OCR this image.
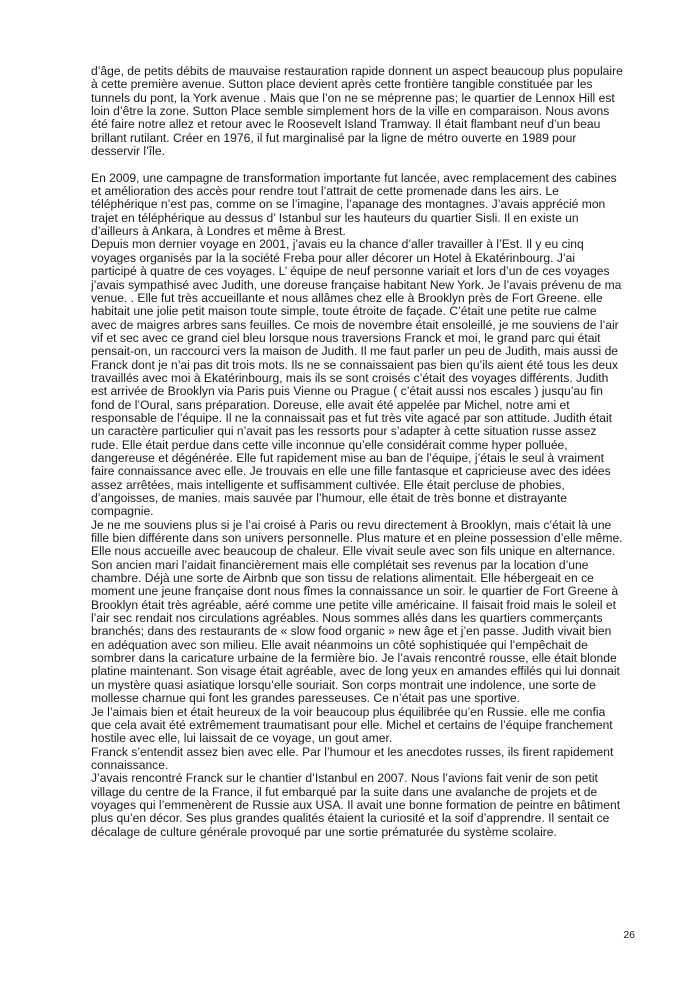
d’âge, de petits débits de mauvaise restauration rapide donnent un aspect beaucoup plus populaire à cette première avenue. Sutton place devient après cette frontière tangible constituée par les tunnels du pont, la York avenue . Mais que l’on ne se méprenne pas; le quartier de Lennox Hill est loin d’être la zone. Sutton Place semble simplement hors de la ville en comparaison. Nous avons été faire notre allez et retour avec le Roosevelt Island Tramway. Il était flambant neuf d’un beau brillant rutilant. Créer en 1976, il fut marginalisé par la ligne de métro ouverte en 1989 pour desservir l’île.

En 2009, une campagne de transformation importante fut lancée, avec remplacement des cabines et amélioration des accès pour rendre tout l’attrait de cette promenade dans les airs. Le téléphérique n’est pas, comme on se l’imagine, l’apanage des montagnes. J’avais apprécié mon trajet en téléphérique au dessus d’ Istanbul sur les hauteurs du quartier Sisli. Il en existe un d’ailleurs à Ankara, à Londres et même à Brest.

Depuis mon dernier voyage en 2001, j’avais eu la chance d’aller travailler à l’Est. Il y eu cinq voyages organisés par la la société Freba pour aller décorer un Hotel à Ekatérinbourg. J’ai participé à quatre de ces voyages. L’ équipe de neuf personne variait et lors d’un de ces voyages j’avais sympathisé avec Judith, une doreuse française habitant New York. Je l’avais prévenu de ma venue. . Elle fut très accueillante et nous allâmes chez elle à Brooklyn près de Fort Greene. elle habitait une jolie petit maison toute simple, toute étroite de façade. C’était une petite rue calme avec de maigres arbres sans feuilles. Ce mois de novembre était ensoleillé, je me souviens de l’air vif et sec avec ce grand ciel bleu lorsque nous traversions Franck et moi, le grand parc qui était pensait-on, un raccourci vers la maison de Judith. Il me faut parler un peu de Judith, mais aussi de Franck dont je n’ai pas dit trois mots. Ils ne se connaissaient pas bien qu’ils aient été tous les deux travaillés avec moi à Ekatérinbourg, mais ils se sont croisés c’était des voyages différents. Judith est arrivée de Brooklyn via Paris puis Vienne ou Prague ( c’était aussi nos escales ) jusqu’au fin fond de l’Oural, sans préparation. Doreuse, elle avait été appelée par Michel, notre ami et responsable de l’équipe. Il ne la connaissait pas et fut très vite agacé par son attitude. Judith était un caractère particulier qui n’avait pas les ressorts pour s’adapter à cette situation russe assez rude. Elle était perdue dans cette ville inconnue qu’elle considérait comme hyper polluée, dangereuse et dégénérée. Elle fut rapidement mise au ban de l’équipe, j’étais le seul à vraiment faire connaissance avec elle. Je trouvais en elle une fille fantasque et capricieuse avec des idées assez arrêtées, mais intelligente et suffisamment cultivée. Elle était percluse de phobies, d’angoisses, de manies. mais sauvée par l’humour, elle était de très bonne et distrayante compagnie.

Je ne me souviens plus si je l’ai croisé à Paris ou revu directement à Brooklyn, mais c’était là une fille bien différente dans son univers personnelle. Plus mature et en pleine possession d’elle même. Elle nous accueille avec beaucoup de chaleur. Elle vivait seule avec son fils unique en alternance. Son ancien mari l’aidait financièrement mais elle complétait ses revenus par la location d’une chambre. Déjà une sorte de Airbnb que son tissu de relations alimentait. Elle hébergeait en ce moment une jeune française dont nous fîmes la connaissance un soir. le quartier de Fort Greene à Brooklyn était très agréable, aéré comme une petite ville américaine. Il faisait froid mais le soleil et l’air sec rendait nos circulations agréables. Nous sommes allés dans les quartiers commerçants branchés; dans des restaurants de « slow food organic » new âge et j’en passe. Judith vivait bien en adéquation avec son milieu. Elle avait néanmoins un côté sophistiquée qui l’empêchait de sombrer dans la caricature urbaine de la fermière bio. Je l’avais rencontré rousse, elle était blonde platine maintenant. Son visage était agréable, avec de long yeux en amandes effilés qui lui donnait un mystère quasi asiatique lorsqu’elle souriait. Son corps montrait une indolence, une sorte de mollesse charnue qui font les grandes paresseuses. Ce n’était pas une sportive.

Je l’aimais bien et était heureux de la voir beaucoup plus équilibrée qu’en Russie. elle me confia que cela avait été extrêmement traumatisant pour elle. Michel et certains de l’équipe franchement hostile avec elle, lui laissait de ce voyage, un gout amer.

Franck s’entendit assez bien avec elle. Par l’humour et les anecdotes russes, ils firent rapidement connaissance.

J’avais rencontré Franck sur le chantier d’Istanbul en 2007. Nous l’avions fait venir de son petit village du centre de la France, il fut embarqué par la suite dans une avalanche de projets et de voyages qui l’emmenèrent de Russie aux USA. Il avait une bonne formation de peintre en bâtiment plus qu’en décor. Ses plus grandes qualités étaient la curiosité et la soif d’apprendre. Il sentait ce décalage de culture générale provoqué par une sortie prématurée du système scolaire.

26
